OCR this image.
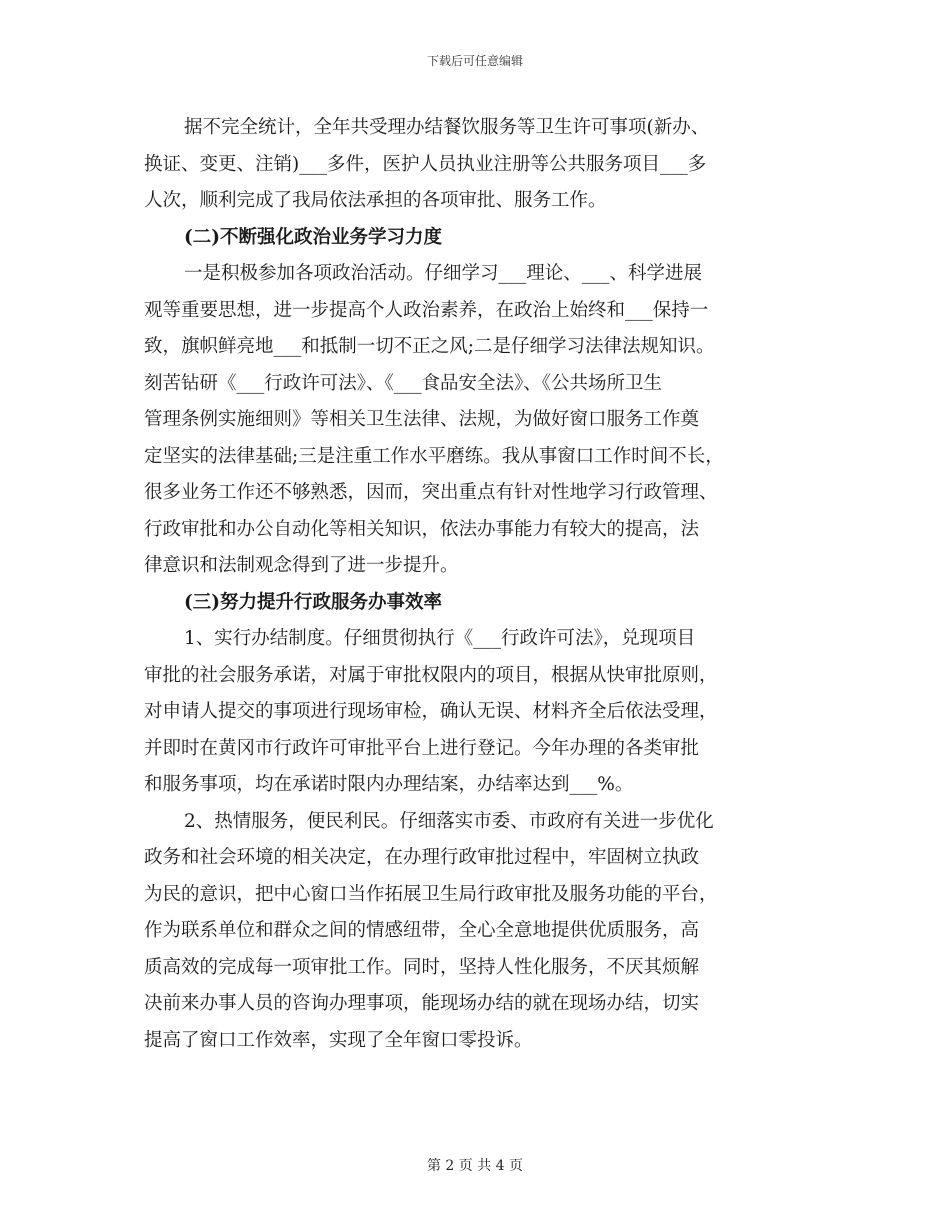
下载后可任意编辑
据不完全统计，全年共受理办结餐饮服务等卫生许可事项(新办、
换证、变更、注销)___多件，医护人员执业注册等公共服务项目___多
人次，顺利完成了我局依法承担的各项审批、服务工作。
(二)不断强化政治业务学习力度
一是积极参加各项政治活动。仔细学习___理论、___、科学进展
观等重要思想，进一步提高个人政治素养，在政治上始终和___保持一
致，旗帜鲜亮地___和抵制一切不正之风;二是仔细学习法律法规知识。
刻苦钻研《___行政许可法》、《___食品安全法》、《公共场所卫生
管理条例实施细则》等相关卫生法律、法规，为做好窗口服务工作奠
定坚实的法律基础;三是注重工作水平磨练。我从事窗口工作时间不长，
很多业务工作还不够熟悉，因而，突出重点有针对性地学习行政管理、
行政审批和办公自动化等相关知识，依法办事能力有较大的提高，法
律意识和法制观念得到了进一步提升。
(三)努力提升行政服务办事效率
1、实行办结制度。仔细贯彻执行《___行政许可法》，兑现项目
审批的社会服务承诺，对属于审批权限内的项目，根据从快审批原则，
对申请人提交的事项进行现场审检，确认无误、材料齐全后依法受理，
并即时在黄冈市行政许可审批平台上进行登记。今年办理的各类审批
和服务事项，均在承诺时限内办理结案，办结率达到___%。
2、热情服务，便民利民。仔细落实市委、市政府有关进一步优化
政务和社会环境的相关决定，在办理行政审批过程中，牢固树立执政
为民的意识，把中心窗口当作拓展卫生局行政审批及服务功能的平台，
作为联系单位和群众之间的情感纽带，全心全意地提供优质服务，高
质高效的完成每一项审批工作。同时，坚持人性化服务，不厌其烦解
决前来办事人员的咨询办理事项，能现场办结的就在现场办结，切实
提高了窗口工作效率，实现了全年窗口零投诉。
第 2 页 共 4 页
